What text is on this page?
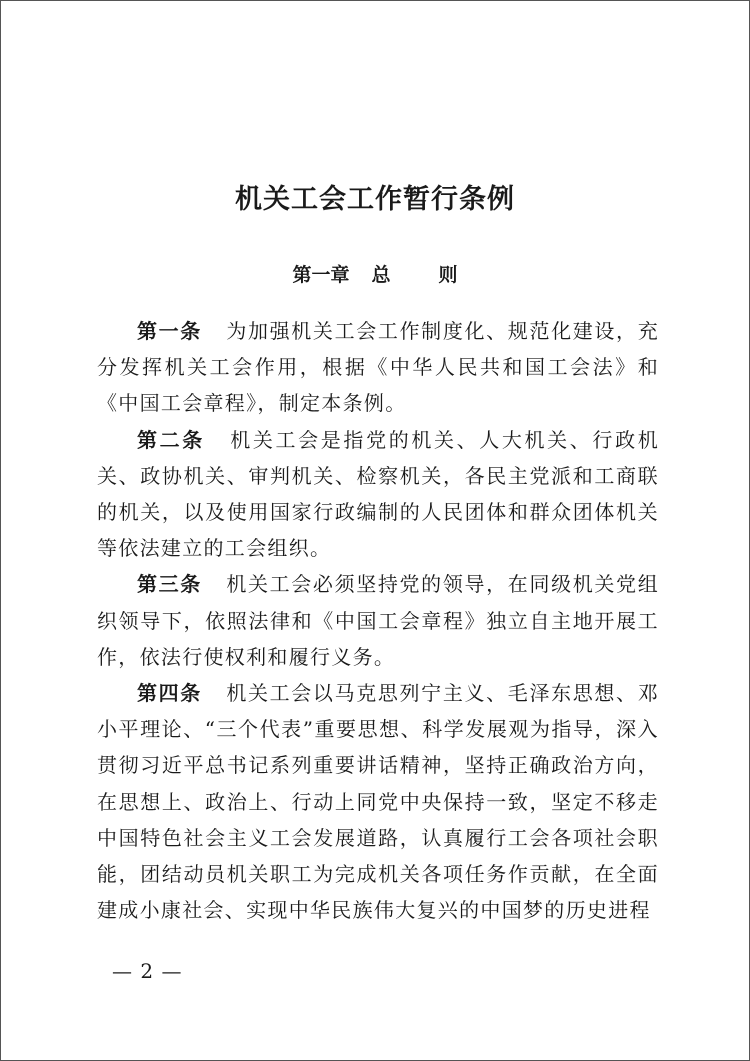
机关工会工作暂行条例
第一章 总	则

第一条 为加强机关工会工作制度化、规范化建设，充分发挥机关工会作用，根据《中华人民共和国工会法》和《中国工会章程》，制定本条例。

第二条 机关工会是指党的机关、人大机关、行政机关、政协机关、审判机关、检察机关，各民主党派和工商联的机关，以及使用国家行政编制的人民团体和群众团体机关等依法建立的工会组织。

第三条 机关工会必须坚持党的领导，在同级机关党组织领导下，依照法律和《中国工会章程》独立自主地开展工作，依法行使权利和履行义务。

第四条 机关工会以马克思列宁主义、毛泽东思想、邓小平理论、“三个代表”重要思想、科学发展观为指导，深入贯彻习近平总书记系列重要讲话精神，坚持正确政治方向，在思想上、政治上、行动上同党中央保持一致，坚定不移走中国特色社会主义工会发展道路，认真履行工会各项社会职能，团结动员机关职工为完成机关各项任务作贡献，在全面建成小康社会、实现中华民族伟大复兴的中国梦的历史进程

— 2 —
